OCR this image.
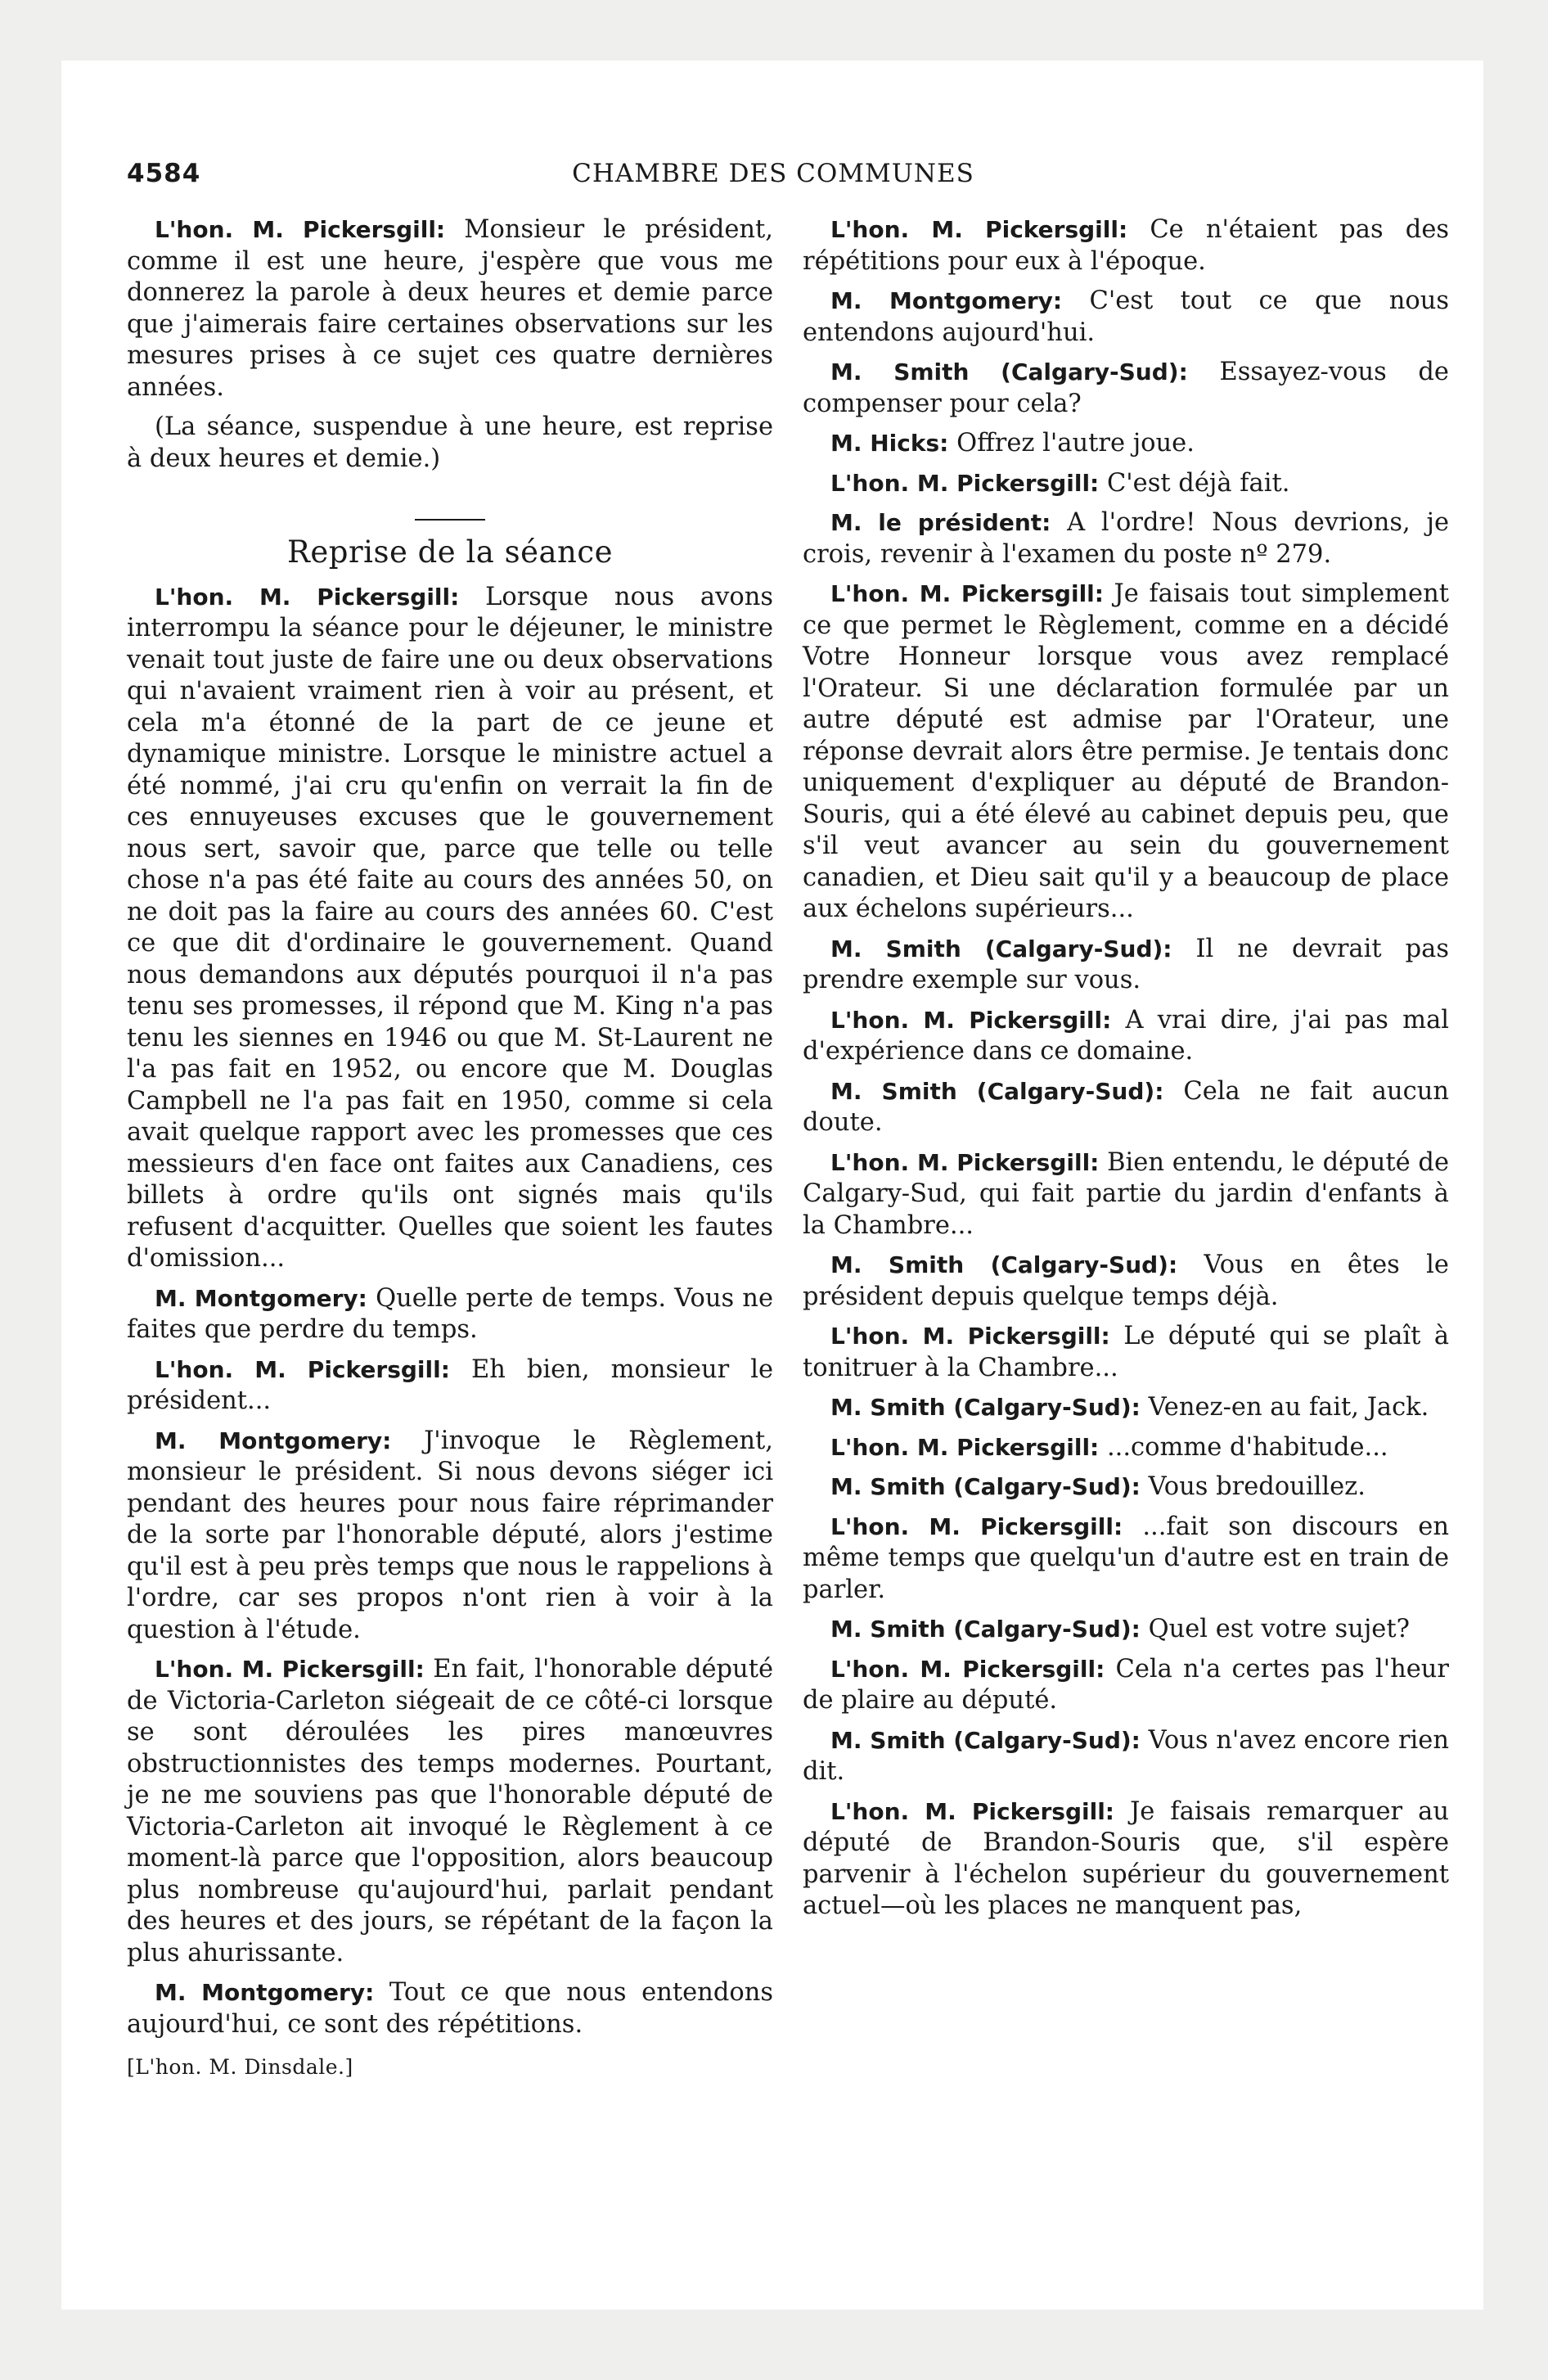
4584	CHAMBRE DES COMMUNES

L'hon. M. Pickersgill: Monsieur le président, comme il est une heure, j'espère que vous me donnerez la parole à deux heures et demie parce que j'aimerais faire certaines observations sur les mesures prises à ce sujet ces quatre dernières années.

(La séance, suspendue à une heure, est reprise à deux heures et demie.)

Reprise de la séance

L'hon. M. Pickersgill: Lorsque nous avons interrompu la séance pour le déjeuner, le ministre venait tout juste de faire une ou deux observations qui n'avaient vraiment rien à voir au présent, et cela m'a étonné de la part de ce jeune et dynamique ministre. Lorsque le ministre actuel a été nommé, j'ai cru qu'enfin on verrait la fin de ces ennuyeuses excuses que le gouvernement nous sert, savoir que, parce que telle ou telle chose n'a pas été faite au cours des années 50, on ne doit pas la faire au cours des années 60. C'est ce que dit d'ordinaire le gouvernement. Quand nous demandons aux députés pourquoi il n'a pas tenu ses promesses, il répond que M. King n'a pas tenu les siennes en 1946 ou que M. St-Laurent ne l'a pas fait en 1952, ou encore que M. Douglas Campbell ne l'a pas fait en 1950, comme si cela avait quelque rapport avec les promesses que ces messieurs d'en face ont faites aux Canadiens, ces billets à ordre qu'ils ont signés mais qu'ils refusent d'acquitter. Quelles que soient les fautes d'omission...

M. Montgomery: Quelle perte de temps. Vous ne faites que perdre du temps.

L'hon. M. Pickersgill: Eh bien, monsieur le président...

M. Montgomery: J'invoque le Règlement, monsieur le président. Si nous devons siéger ici pendant des heures pour nous faire réprimander de la sorte par l'honorable député, alors j'estime qu'il est à peu près temps que nous le rappelions à l'ordre, car ses propos n'ont rien à voir à la question à l'étude.

L'hon. M. Pickersgill: En fait, l'honorable député de Victoria-Carleton siégeait de ce côté-ci lorsque se sont déroulées les pires manœuvres obstructionnistes des temps modernes. Pourtant, je ne me souviens pas que l'honorable député de Victoria-Carleton ait invoqué le Règlement à ce moment-là parce que l'opposition, alors beaucoup plus nombreuse qu'aujourd'hui, parlait pendant des heures et des jours, se répétant de la façon la plus ahurissante.

M. Montgomery: Tout ce que nous entendons aujourd'hui, ce sont des répétitions.

[L'hon. M. Dinsdale.]

L'hon. M. Pickersgill: Ce n'étaient pas des répétitions pour eux à l'époque.

M. Montgomery: C'est tout ce que nous entendons aujourd'hui.

M. Smith (Calgary-Sud): Essayez-vous de compenser pour cela?

M. Hicks: Offrez l'autre joue.

L'hon. M. Pickersgill: C'est déjà fait.

M. le président: A l'ordre! Nous devrions, je crois, revenir à l'examen du poste nº 279.

L'hon. M. Pickersgill: Je faisais tout simplement ce que permet le Règlement, comme en a décidé Votre Honneur lorsque vous avez remplacé l'Orateur. Si une déclaration formulée par un autre député est admise par l'Orateur, une réponse devrait alors être permise. Je tentais donc uniquement d'expliquer au député de Brandon-Souris, qui a été élevé au cabinet depuis peu, que s'il veut avancer au sein du gouvernement canadien, et Dieu sait qu'il y a beaucoup de place aux échelons supérieurs...

M. Smith (Calgary-Sud): Il ne devrait pas prendre exemple sur vous.

L'hon. M. Pickersgill: A vrai dire, j'ai pas mal d'expérience dans ce domaine.

M. Smith (Calgary-Sud): Cela ne fait aucun doute.

L'hon. M. Pickersgill: Bien entendu, le député de Calgary-Sud, qui fait partie du jardin d'enfants à la Chambre...

M. Smith (Calgary-Sud): Vous en êtes le président depuis quelque temps déjà.

L'hon. M. Pickersgill: Le député qui se plaît à tonitruer à la Chambre...

M. Smith (Calgary-Sud): Venez-en au fait, Jack.

L'hon. M. Pickersgill: ...comme d'habitude...

M. Smith (Calgary-Sud): Vous bredouillez.

L'hon. M. Pickersgill: ...fait son discours en même temps que quelqu'un d'autre est en train de parler.

M. Smith (Calgary-Sud): Quel est votre sujet?

L'hon. M. Pickersgill: Cela n'a certes pas l'heur de plaire au député.

M. Smith (Calgary-Sud): Vous n'avez encore rien dit.

L'hon. M. Pickersgill: Je faisais remarquer au député de Brandon-Souris que, s'il espère parvenir à l'échelon supérieur du gouvernement actuel—où les places ne manquent pas,
